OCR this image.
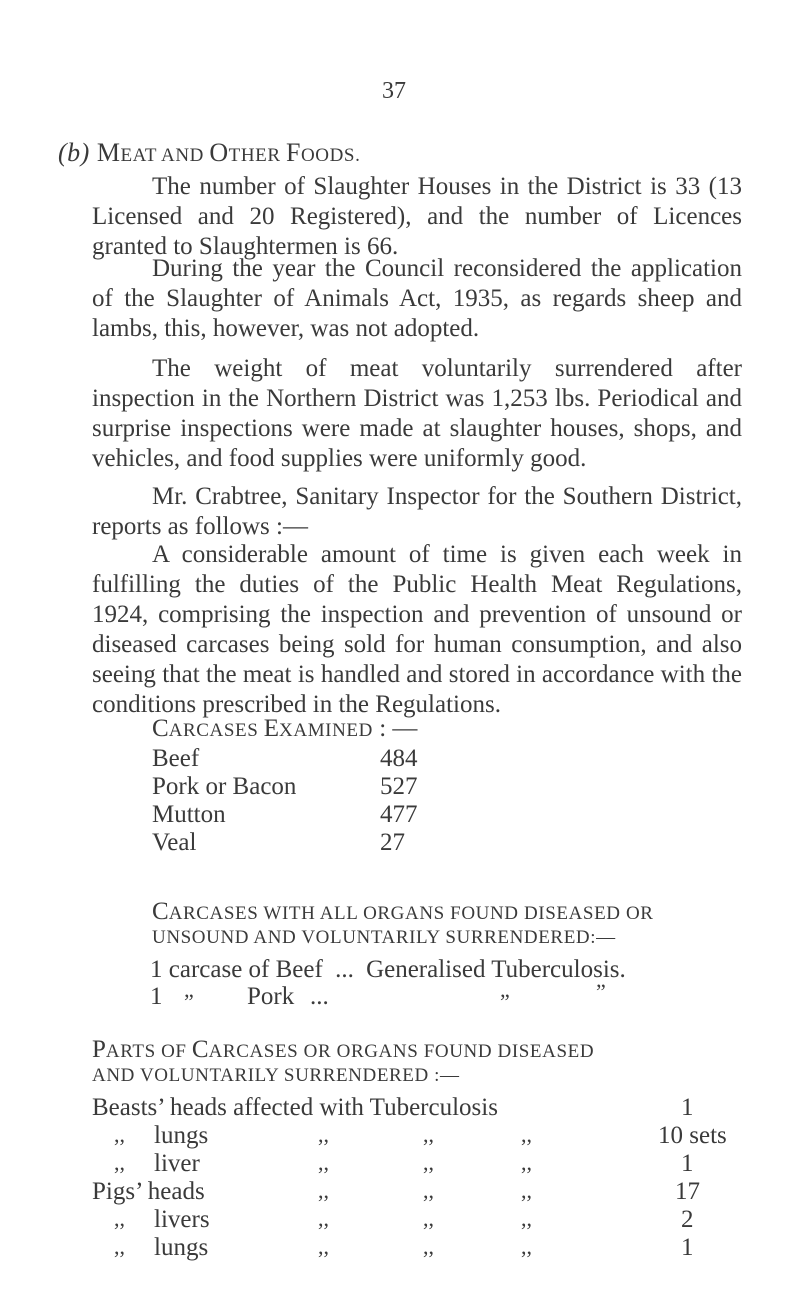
37
(b) MEAT AND OTHER FOODS.

The number of Slaughter Houses in the District is 33 (13 Licensed and 20 Registered), and the number of Licences granted to Slaughtermen is 66.

During the year the Council reconsidered the application of the Slaughter of Animals Act, 1935, as regards sheep and lambs, this, however, was not adopted.

The weight of meat voluntarily surrendered after inspection in the Northern District was 1,253 lbs. Periodical and surprise inspections were made at slaughter houses, shops, and vehicles, and food supplies were uniformly good.

Mr. Crabtree, Sanitary Inspector for the Southern District, reports as follows :—

A considerable amount of time is given each week in fulfilling the duties of the Public Health Meat Regulations, 1924, comprising the inspection and prevention of unsound or diseased carcases being sold for human consumption, and also seeing that the meat is handled and stored in accordance with the conditions prescribed in the Regulations.

CARCASES EXAMINED : —
Beef	484
Pork or Bacon	527
Mutton	477
Veal	27
CARCASES WITH ALL ORGANS FOUND DISEASED OR
UNSOUND AND VOLUNTARILY SURRENDERED:—
1 carcase of Beef ... Generalised Tuberculosis.
1 „ Pork ...	„	”
PARTS OF CARCASES OR ORGANS FOUND DISEASED
AND VOLUNTARILY SURRENDERED :—
Beasts’ heads affected with Tuberculosis	1
,, lungs	,,	,,	,,	10 sets
,, liver	,,	,,	,,	1
Pigs’ heads	,,	,,	,,	17
,, livers	,,	,,	,,	2
,, lungs	,,	,,	,,	1
